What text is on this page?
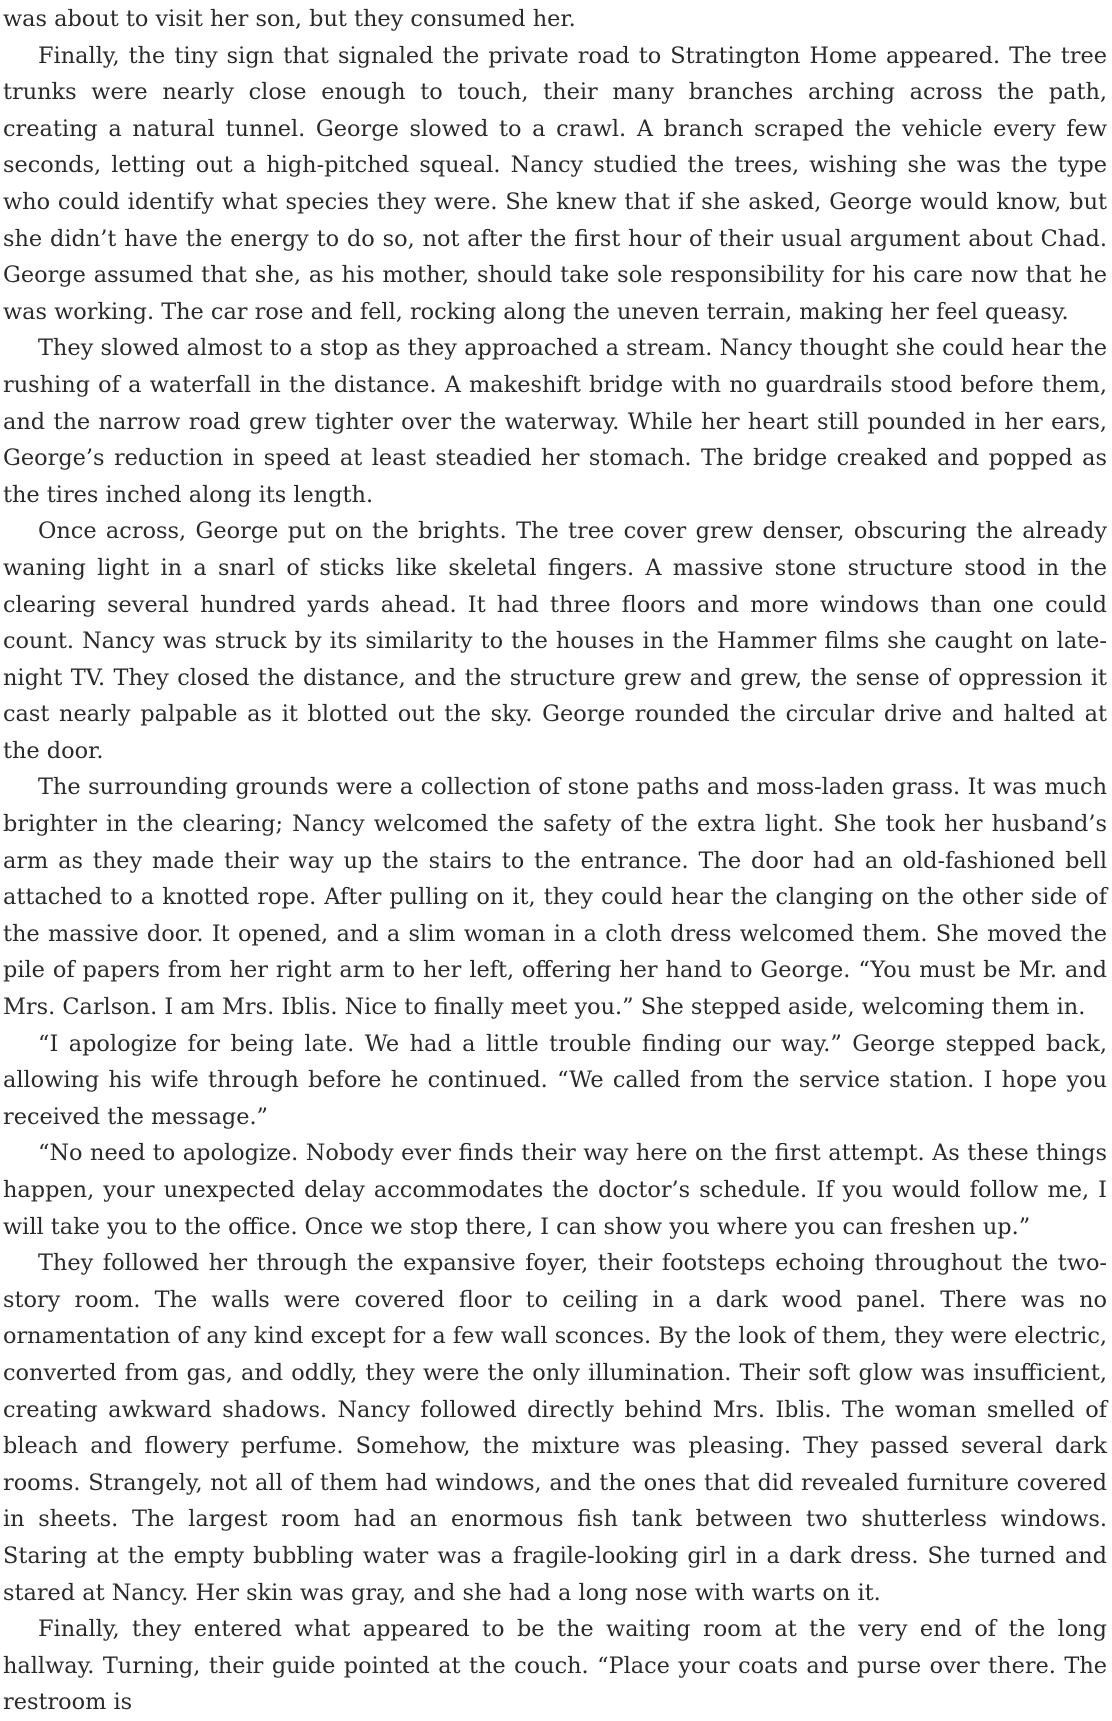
was about to visit her son, but they consumed her.

Finally, the tiny sign that signaled the private road to Stratington Home appeared. The tree trunks were nearly close enough to touch, their many branches arching across the path, creating a natural tunnel. George slowed to a crawl. A branch scraped the vehicle every few seconds, letting out a high-pitched squeal. Nancy studied the trees, wishing she was the type who could identify what species they were. She knew that if she asked, George would know, but she didn’t have the energy to do so, not after the first hour of their usual argument about Chad. George assumed that she, as his mother, should take sole responsibility for his care now that he was working. The car rose and fell, rocking along the uneven terrain, making her feel queasy.

They slowed almost to a stop as they approached a stream. Nancy thought she could hear the rushing of a waterfall in the distance. A makeshift bridge with no guardrails stood before them, and the narrow road grew tighter over the waterway. While her heart still pounded in her ears, George’s reduction in speed at least steadied her stomach. The bridge creaked and popped as the tires inched along its length.

Once across, George put on the brights. The tree cover grew denser, obscuring the already waning light in a snarl of sticks like skeletal fingers. A massive stone structure stood in the clearing several hundred yards ahead. It had three floors and more windows than one could count. Nancy was struck by its similarity to the houses in the Hammer films she caught on late-night TV. They closed the distance, and the structure grew and grew, the sense of oppression it cast nearly palpable as it blotted out the sky. George rounded the circular drive and halted at the door.

The surrounding grounds were a collection of stone paths and moss-laden grass. It was much brighter in the clearing; Nancy welcomed the safety of the extra light. She took her husband’s arm as they made their way up the stairs to the entrance. The door had an old-fashioned bell attached to a knotted rope. After pulling on it, they could hear the clanging on the other side of the massive door. It opened, and a slim woman in a cloth dress welcomed them. She moved the pile of papers from her right arm to her left, offering her hand to George. “You must be Mr. and Mrs. Carlson. I am Mrs. Iblis. Nice to finally meet you.” She stepped aside, welcoming them in.

“I apologize for being late. We had a little trouble finding our way.” George stepped back, allowing his wife through before he continued. “We called from the service station. I hope you received the message.”

“No need to apologize. Nobody ever finds their way here on the first attempt. As these things happen, your unexpected delay accommodates the doctor’s schedule. If you would follow me, I will take you to the office. Once we stop there, I can show you where you can freshen up.”

They followed her through the expansive foyer, their footsteps echoing throughout the two-story room. The walls were covered floor to ceiling in a dark wood panel. There was no ornamentation of any kind except for a few wall sconces. By the look of them, they were electric, converted from gas, and oddly, they were the only illumination. Their soft glow was insufficient, creating awkward shadows. Nancy followed directly behind Mrs. Iblis. The woman smelled of bleach and flowery perfume. Somehow, the mixture was pleasing. They passed several dark rooms. Strangely, not all of them had windows, and the ones that did revealed furniture covered in sheets. The largest room had an enormous fish tank between two shutterless windows. Staring at the empty bubbling water was a fragile-looking girl in a dark dress. She turned and stared at Nancy. Her skin was gray, and she had a long nose with warts on it.

Finally, they entered what appeared to be the waiting room at the very end of the long hallway. Turning, their guide pointed at the couch. “Place your coats and purse over there. The restroom is
